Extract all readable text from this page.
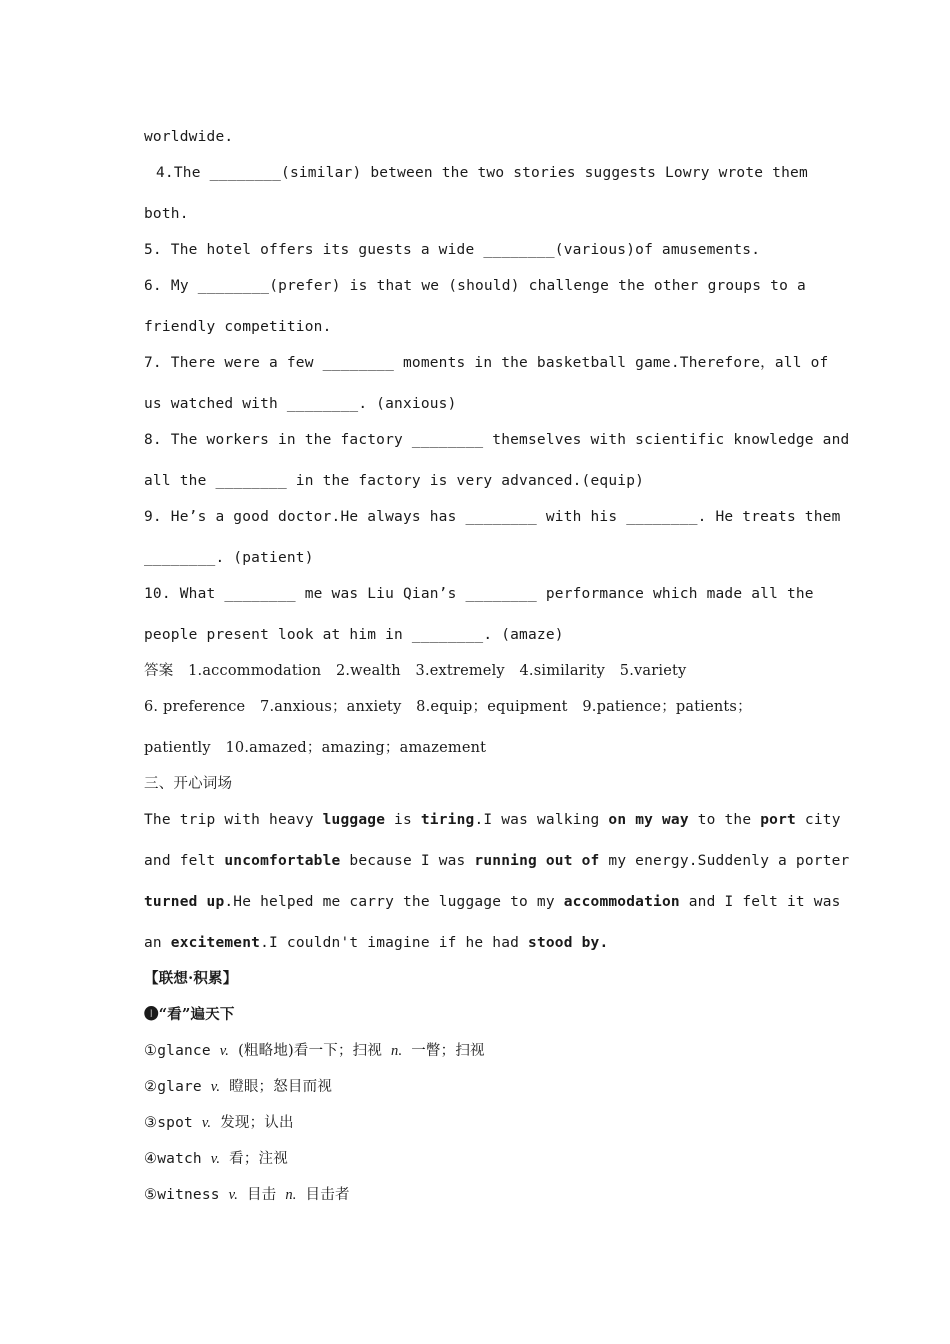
worldwide.
4.The ________(similar) between the two stories suggests Lowry wrote them
both.
5. The hotel offers its guests a wide ________(various)of amusements.
6. My ________(prefer) is that we (should) challenge the other groups to a
friendly competition.
7. There were a few ________ moments in the basketball game.Therefore，all of
us watched with ________. (anxious)
8. The workers in the factory ________ themselves with scientific knowledge and
all the ________ in the factory is very advanced.(equip)
9. He’s a good doctor.He always has ________ with his ________. He treats them
________. (patient)
10. What ________ me was Liu Qian’s ________ performance which made all the
people present look at him in ________. (amaze)
答案　1.accommodation　2.wealth　3.extremely　4.similarity　5.variety
6. preference　7.anxious；anxiety　8.equip；equipment　9.patience；patients；
patiently　10.amazed；amazing；amazement
三、开心词场
The trip with heavy luggage is tiring.I was walking on my way to the port city
and felt uncomfortable because I was running out of my energy.Suddenly a porter
turned up.He helped me carry the luggage to my accommodation and I felt it was
an excitement.I couldn't imagine if he had stood by.
【联想·积累】
❶“看”遍天下
①glance v. (粗略地)看一下；扫视 n. 一瞥；扫视
②glare v. 瞪眼；怒目而视
③spot v. 发现；认出
④watch v. 看；注视
⑤witness v. 目击 n. 目击者
